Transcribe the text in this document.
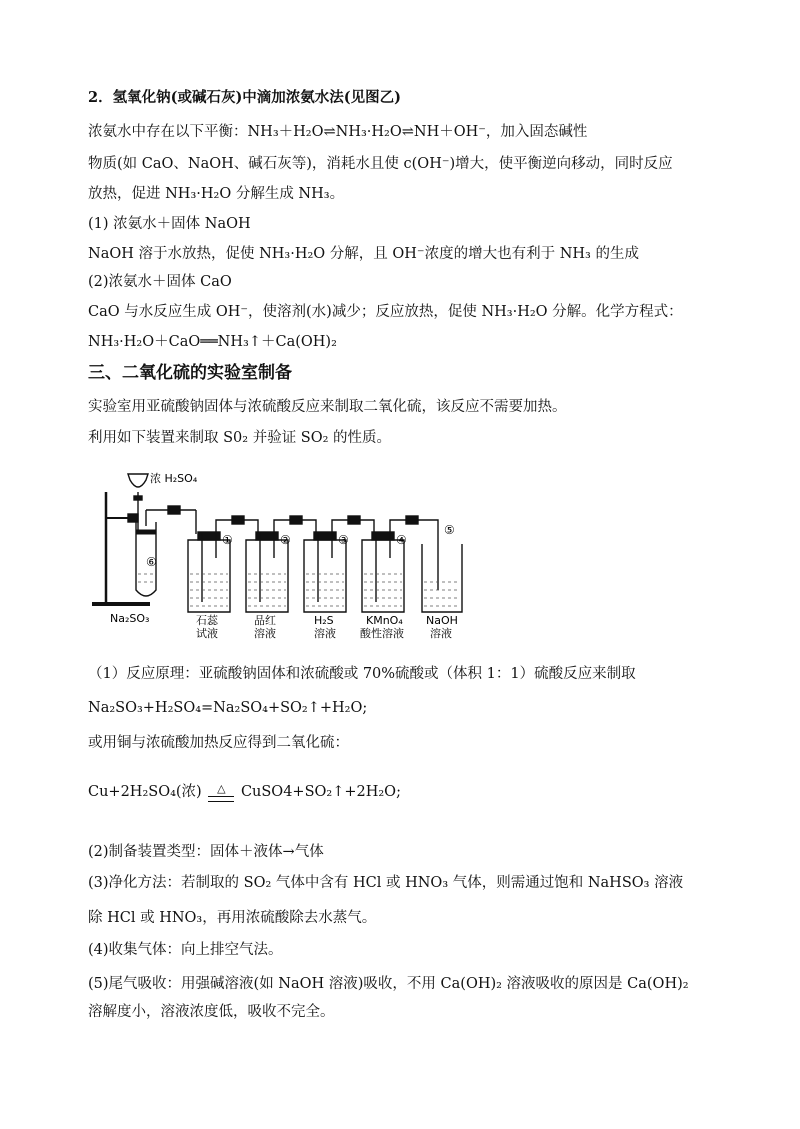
2．氢氧化钠(或碱石灰)中滴加浓氨水法(见图乙)
浓氨水中存在以下平衡：NH₃＋H₂O⇌NH₃·H₂O⇌NH＋OH⁻，加入固态碱性
物质(如 CaO、NaOH、碱石灰等)，消耗水且使 c(OH⁻)增大，使平衡逆向移动，同时反应
放热，促进 NH₃·H₂O 分解生成 NH₃。
(1) 浓氨水＋固体 NaOH
NaOH 溶于水放热，促使 NH₃·H₂O 分解，且 OH⁻浓度的增大也有利于 NH₃ 的生成
(2)浓氨水＋固体 CaO
CaO 与水反应生成 OH⁻，使溶剂(水)减少；反应放热，促使 NH₃·H₂O 分解。化学方程式：
NH₃·H₂O＋CaO══NH₃↑＋Ca(OH)₂
三、二氧化硫的实验室制备
实验室用亚硫酸钠固体与浓硫酸反应来制取二氧化硫，该反应不需要加热。
利用如下装置来制取 S0₂ 并验证 SO₂ 的性质。
浓 H₂SO₄
⑥
Na₂SO₃
①
石蕊
试液
②
品红
溶液
③
H₂S
溶液
④
KMnO₄
酸性溶液
⑤
NaOH
溶液
（1）反应原理：亚硫酸钠固体和浓硫酸或 70%硫酸或（体积 1：1）硫酸反应来制取
Na₂SO₃+H₂SO₄=Na₂SO₄+SO₂↑+H₂O;
或用铜与浓硫酸加热反应得到二氧化硫：
Cu+2H₂SO₄(浓) △ CuSO4+SO₂↑+2H₂O;
(2)制备装置类型：固体＋液体→气体
(3)净化方法：若制取的 SO₂ 气体中含有 HCl 或 HNO₃ 气体，则需通过饱和 NaHSO₃ 溶液
除 HCl 或 HNO₃，再用浓硫酸除去水蒸气。
(4)收集气体：向上排空气法。
(5)尾气吸收：用强碱溶液(如 NaOH 溶液)吸收，不用 Ca(OH)₂ 溶液吸收的原因是 Ca(OH)₂
溶解度小，溶液浓度低，吸收不完全。
